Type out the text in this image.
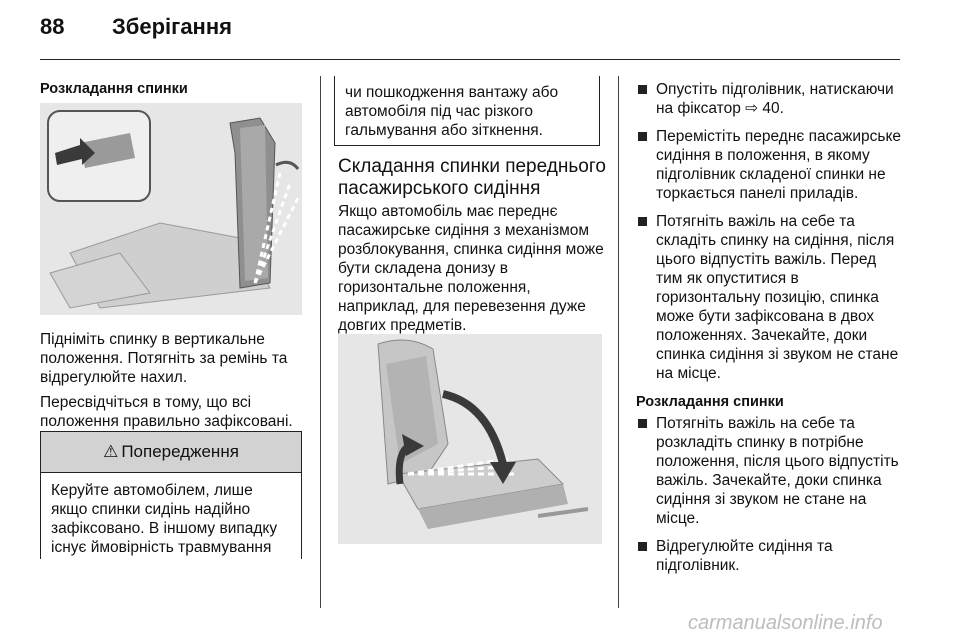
88 Зберігання

Розкладання спинки

Підніміть спинку в вертикальне положення. Потягніть за ремінь та відрегулюйте нахил.

Пересвідчіться в тому, що всі положення правильно зафіксовані.

⚠ Попередження
Керуйте автомобілем, лише якщо спинки сидінь надійно зафіксовано. В іншому випадку існує ймовірність травмування
чи пошкодження вантажу або автомобіля під час різкого гальмування або зіткнення.

Складання спинки переднього пасажирського сидіння

Якщо автомобіль має переднє пасажирське сидіння з механізмом розблокування, спинка сидіння може бути складена донизу в горизонтальне положення, наприклад, для перевезення дуже довгих предметів.

Опустіть підголівник, натискаючи на фіксатор ⇨ 40.
Перемістіть переднє пасажирське сидіння в положення, в якому підголівник складеної спинки не торкається панелі приладів.
Потягніть важіль на себе та складіть спинку на сидіння, після цього відпустіть важіль. Перед тим як опуститися в горизонтальну позицію, спинка може бути зафіксована в двох положеннях. Зачекайте, доки спинка сидіння зі звуком не стане на місце.

Розкладання спинки

Потягніть важіль на себе та розкладіть спинку в потрібне положення, після цього відпустіть важіль. Зачекайте, доки спинка сидіння зі звуком не стане на місце.
Відрегулюйте сидіння та підголівник.
carmanualsonline.info
